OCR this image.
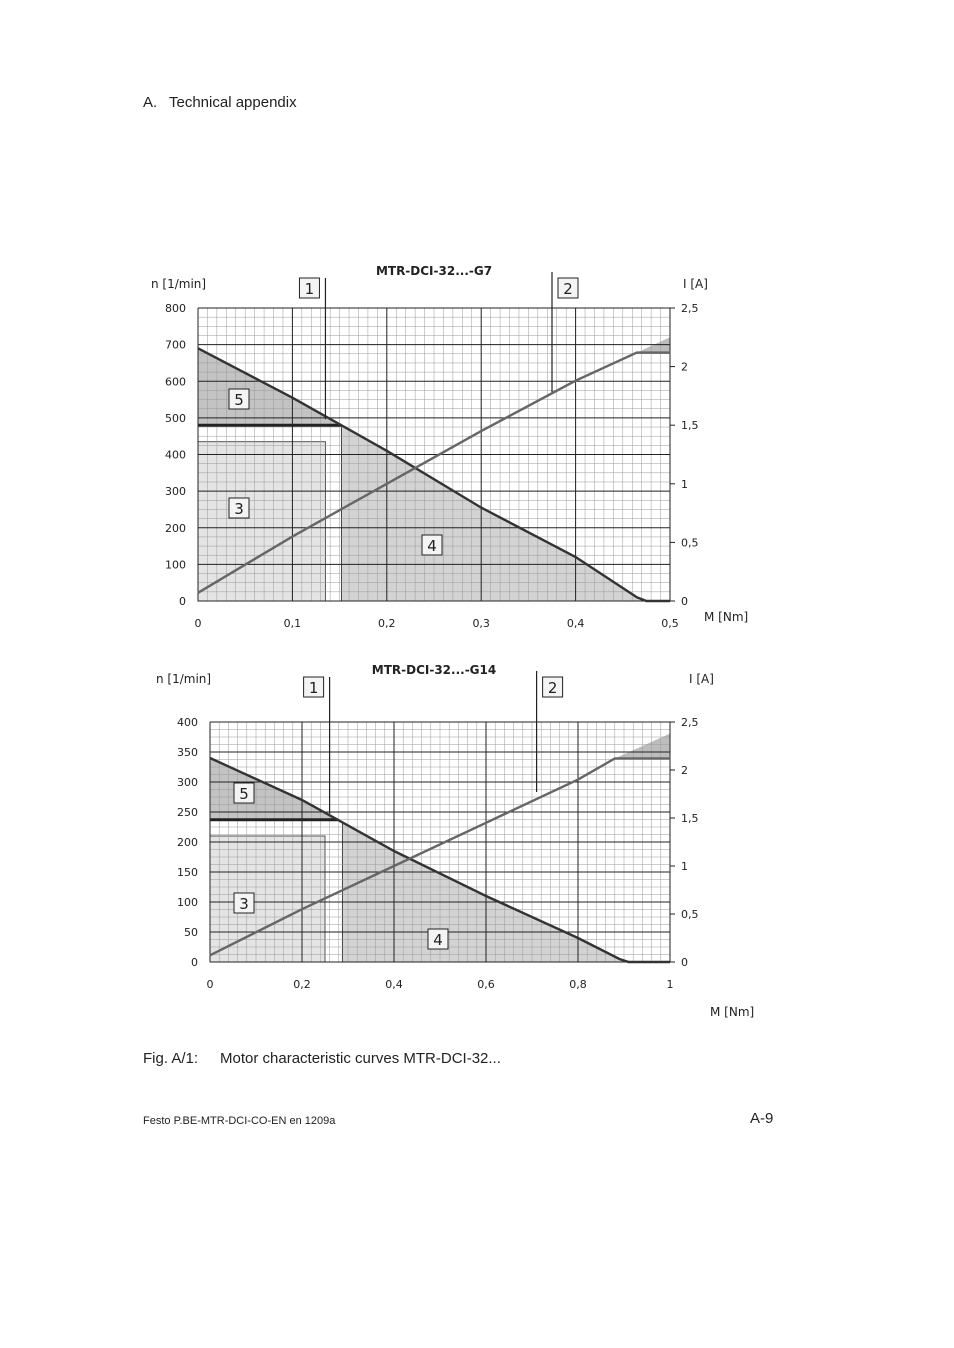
A. Technical appendix
0
100
200
300
400
500
600
700
800
0
0,5
1
1,5
2
2,5
0	0,1	0,2	0,3	0,4	0,5
n [1/min]	I [A]
M [Nm]
MTR-DCI-32...-G7
1	2
3
4
5
0
50
100
150
200
250
300
350
400
0
0,5
1
1,5
2
2,5
0	0,2	0,4	0,6	0,8	1
n [1/min]	I [A]
M [Nm]
MTR-DCI-32...-G14
1	2
3
4
5
Fig. A/1: Motor characteristic curves MTR-DCI-32...
Festo P.BE-MTR-DCI-CO-EN en 1209a	A-9
